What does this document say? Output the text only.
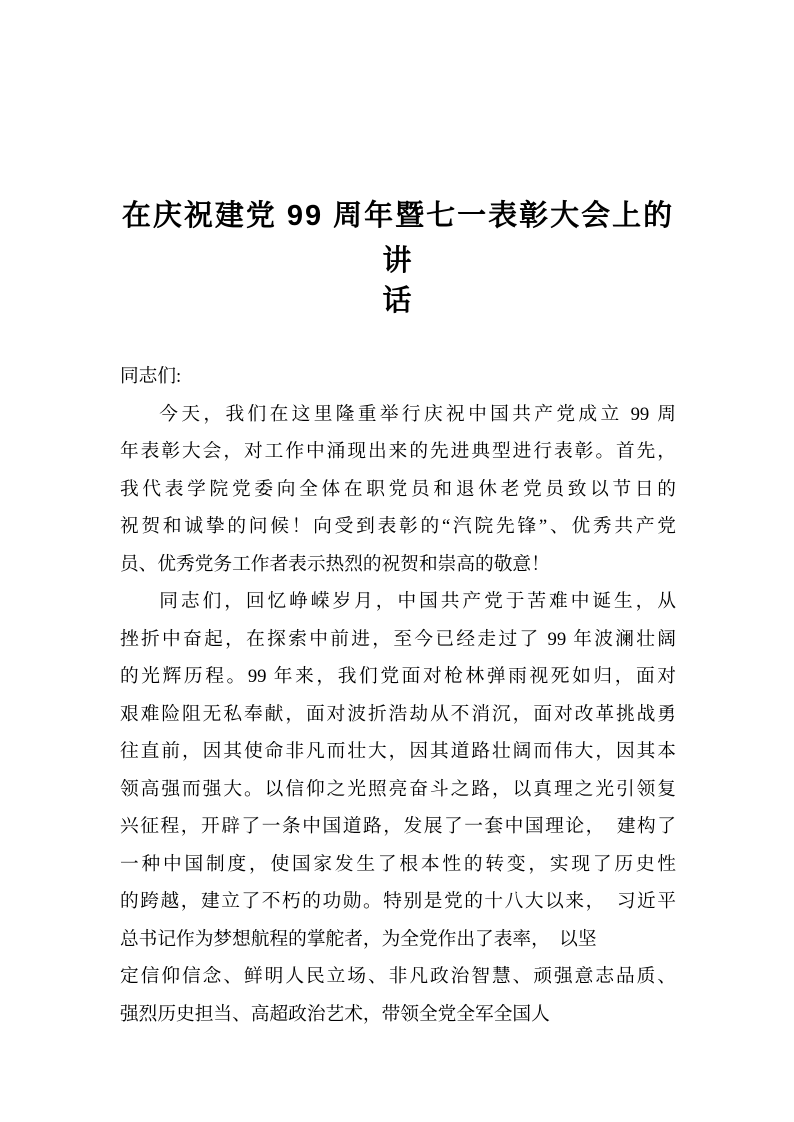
在庆祝建党 99 周年暨七一表彰大会上的
讲
话
同志们:
今天，我们在这里隆重举行庆祝中国共产党成立 99 周
年表彰大会，对工作中涌现出来的先进典型进行表彰。首先，
我代表学院党委向全体在职党员和退休老党员致以节日的
祝贺和诚挚的问候！向受到表彰的“汽院先锋”、优秀共产党
员、优秀党务工作者表示热烈的祝贺和崇高的敬意！
同志们，回忆峥嵘岁月，中国共产党于苦难中诞生，从
挫折中奋起，在探索中前进，至今已经走过了 99 年波澜壮阔
的光辉历程。99 年来，我们党面对枪林弹雨视死如归，面对
艰难险阻无私奉献，面对波折浩劫从不消沉，面对改革挑战勇
往直前，因其使命非凡而壮大，因其道路壮阔而伟大，因其本
领高强而强大。以信仰之光照亮奋斗之路，以真理之光引领复
兴征程，开辟了一条中国道路，发展了一套中国理论，　建构了
一种中国制度，使国家发生了根本性的转变，实现了历史性
的跨越，建立了不朽的功勋。特别是党的十八大以来，　习近平
总书记作为梦想航程的掌舵者，为全党作出了表率，　以坚
定信仰信念、鲜明人民立场、非凡政治智慧、顽强意志品质、
强烈历史担当、高超政治艺术，带领全党全军全国人
